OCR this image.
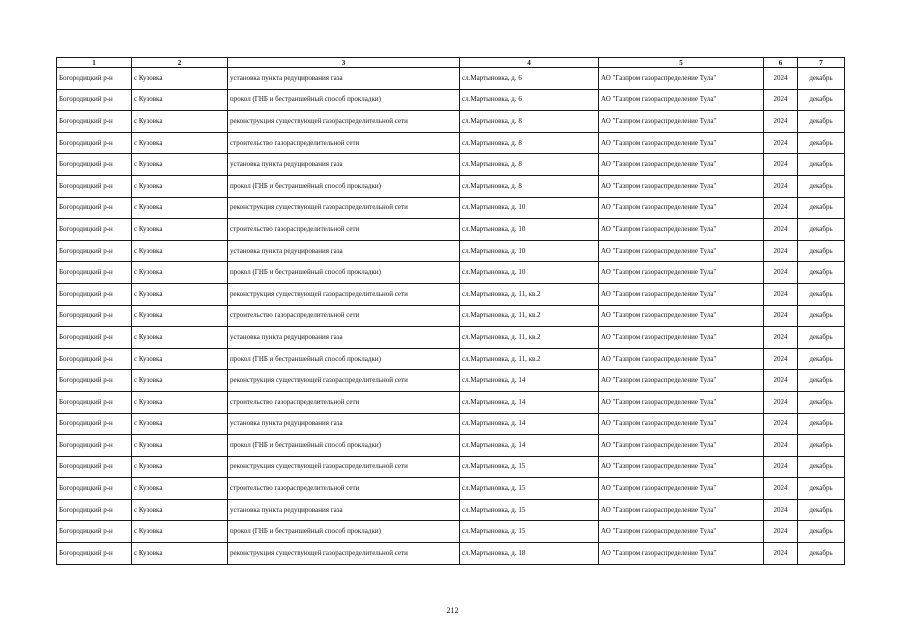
1	2	3	4	5	6	7
Богородицкий р-н	с Кузовка	установка пункта редуцирования газа	сл.Мартыновка, д. 6	АО "Газпром газораспределение Тула"	2024	декабрь
Богородицкий р-н	с Кузовка	прокол (ГНБ и бестраншейный способ прокладки)	сл.Мартыновка, д. 6	АО "Газпром газораспределение Тула"	2024	декабрь
Богородицкий р-н	с Кузовка	реконструкция существующей газораспределительной сети	сл.Мартыновка, д. 8	АО "Газпром газораспределение Тула"	2024	декабрь
Богородицкий р-н	с Кузовка	строительство газораспределительной сети	сл.Мартыновка, д. 8	АО "Газпром газораспределение Тула"	2024	декабрь
Богородицкий р-н	с Кузовка	установка пункта редуцирования газа	сл.Мартыновка, д. 8	АО "Газпром газораспределение Тула"	2024	декабрь
Богородицкий р-н	с Кузовка	прокол (ГНБ и бестраншейный способ прокладки)	сл.Мартыновка, д. 8	АО "Газпром газораспределение Тула"	2024	декабрь
Богородицкий р-н	с Кузовка	реконструкция существующей газораспределительной сети	сл.Мартыновка, д. 10	АО "Газпром газораспределение Тула"	2024	декабрь
Богородицкий р-н	с Кузовка	строительство газораспределительной сети	сл.Мартыновка, д. 10	АО "Газпром газораспределение Тула"	2024	декабрь
Богородицкий р-н	с Кузовка	установка пункта редуцирования газа	сл.Мартыновка, д. 10	АО "Газпром газораспределение Тула"	2024	декабрь
Богородицкий р-н	с Кузовка	прокол (ГНБ и бестраншейный способ прокладки)	сл.Мартыновка, д. 10	АО "Газпром газораспределение Тула"	2024	декабрь
Богородицкий р-н	с Кузовка	реконструкция существующей газораспределительной сети	сл.Мартыновка, д. 11, кв.2	АО "Газпром газораспределение Тула"	2024	декабрь
Богородицкий р-н	с Кузовка	строительство газораспределительной сети	сл.Мартыновка, д. 11, кв.2	АО "Газпром газораспределение Тула"	2024	декабрь
Богородицкий р-н	с Кузовка	установка пункта редуцирования газа	сл.Мартыновка, д. 11, кв.2	АО "Газпром газораспределение Тула"	2024	декабрь
Богородицкий р-н	с Кузовка	прокол (ГНБ и бестраншейный способ прокладки)	сл.Мартыновка, д. 11, кв.2	АО "Газпром газораспределение Тула"	2024	декабрь
Богородицкий р-н	с Кузовка	реконструкция существующей газораспределительной сети	сл.Мартыновка, д. 14	АО "Газпром газораспределение Тула"	2024	декабрь
Богородицкий р-н	с Кузовка	строительство газораспределительной сети	сл.Мартыновка, д. 14	АО "Газпром газораспределение Тула"	2024	декабрь
Богородицкий р-н	с Кузовка	установка пункта редуцирования газа	сл.Мартыновка, д. 14	АО "Газпром газораспределение Тула"	2024	декабрь
Богородицкий р-н	с Кузовка	прокол (ГНБ и бестраншейный способ прокладки)	сл.Мартыновка, д. 14	АО "Газпром газораспределение Тула"	2024	декабрь
Богородицкий р-н	с Кузовка	реконструкция существующей газораспределительной сети	сл.Мартыновка, д. 15	АО "Газпром газораспределение Тула"	2024	декабрь
Богородицкий р-н	с Кузовка	строительство газораспределительной сети	сл.Мартыновка, д. 15	АО "Газпром газораспределение Тула"	2024	декабрь
Богородицкий р-н	с Кузовка	установка пункта редуцирования газа	сл.Мартыновка, д. 15	АО "Газпром газораспределение Тула"	2024	декабрь
Богородицкий р-н	с Кузовка	прокол (ГНБ и бестраншейный способ прокладки)	сл.Мартыновка, д. 15	АО "Газпром газораспределение Тула"	2024	декабрь
Богородицкий р-н	с Кузовка	реконструкция существующей газораспределительной сети	сл.Мартыновка, д. 18	АО "Газпром газораспределение Тула"	2024	декабрь
212
